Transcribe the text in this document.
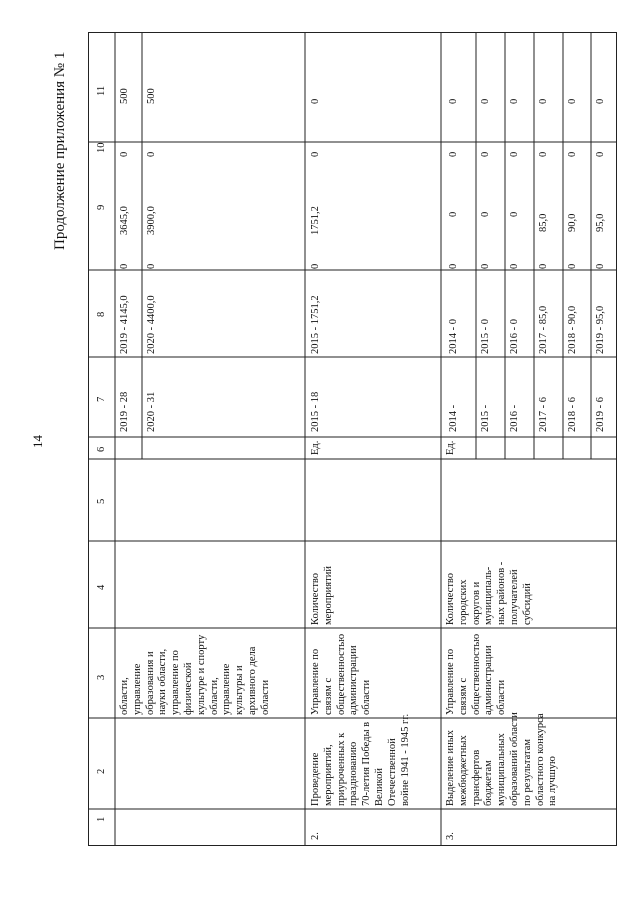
14
Продолжение приложения № 1
1
2
3
4
5
6
7
8
9
10
11
области,
управление
образования и
науки области,
управление по
физической
культуре и спорту
области,
управление
культуры и
архивного дела
области
2019 - 28 2020 - 31
2019 - 4145,0 2020 - 4400,0
0 0
3645,0 3900,0
0 0
500 500
2.
Проведение
мероприятий,
приуроченных к
празднованию
70-летия Победы в
Великой
Отечественной
войне 1941 - 1945 гг.
Управление по
связям с
общественностью
администрации
области
Количество
мероприятий
Ед.
2015 - 18
2015 - 1751,2
0
1751,2
0
0
3.
Выделение иных
межбюджетных
трансфертов
бюджетам
муниципальных
образований области
по результатам
областного конкурса
на лучшую
Управление по
связям с
общественностью
администрации
области
Количество
городских
округов и
муниципаль-
ных районов -
получателей
субсидий
Ед.
2014 - 2015 - 2016 - 2017 - 6 2018 - 6 2019 - 6
2014 - 0 2015 - 0 2016 - 0 2017 - 85,0 2018 - 90,0 2019 - 95,0
0 0 0 0 0 0
0 0 0 85,0 90,0 95,0
0 0 0 0 0 0
0 0 0 0 0 0
